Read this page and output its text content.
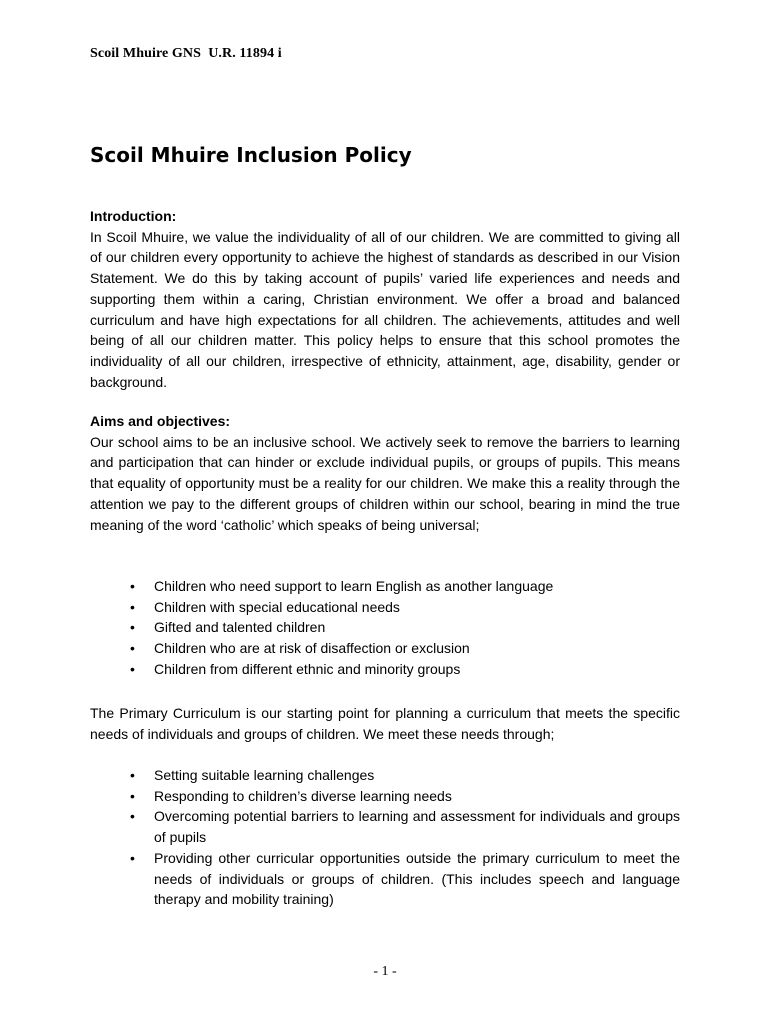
Scoil Mhuire GNS  U.R. 11894 i
Scoil Mhuire Inclusion Policy

Introduction:

In Scoil Mhuire, we value the individuality of all of our children. We are committed to giving all of our children every opportunity to achieve the highest of standards as described in our Vision Statement. We do this by taking account of pupils’ varied life experiences and needs and supporting them within a caring, Christian environment. We offer a broad and balanced curriculum and have high expectations for all children. The achievements, attitudes and well being of all our children matter. This policy helps to ensure that this school promotes the individuality of all our children, irrespective of ethnicity, attainment, age, disability, gender or background.

Aims and objectives:

Our school aims to be an inclusive school. We actively seek to remove the barriers to learning and participation that can hinder or exclude individual pupils, or groups of pupils. This means that equality of opportunity must be a reality for our children. We make this a reality through the attention we pay to the different groups of children within our school, bearing in mind the true meaning of the word ‘catholic’ which speaks of being universal;

• Children who need support to learn English as another language
• Children with special educational needs
• Gifted and talented children
• Children who are at risk of disaffection or exclusion
• Children from different ethnic and minority groups

The Primary Curriculum is our starting point for planning a curriculum that meets the specific needs of individuals and groups of children. We meet these needs through;

• Setting suitable learning challenges
• Responding to children’s diverse learning needs
• Overcoming potential barriers to learning and assessment for individuals and groups of pupils
• Providing other curricular opportunities outside the primary curriculum to meet the needs of individuals or groups of children. (This includes speech and language therapy and mobility training)
- 1 -
